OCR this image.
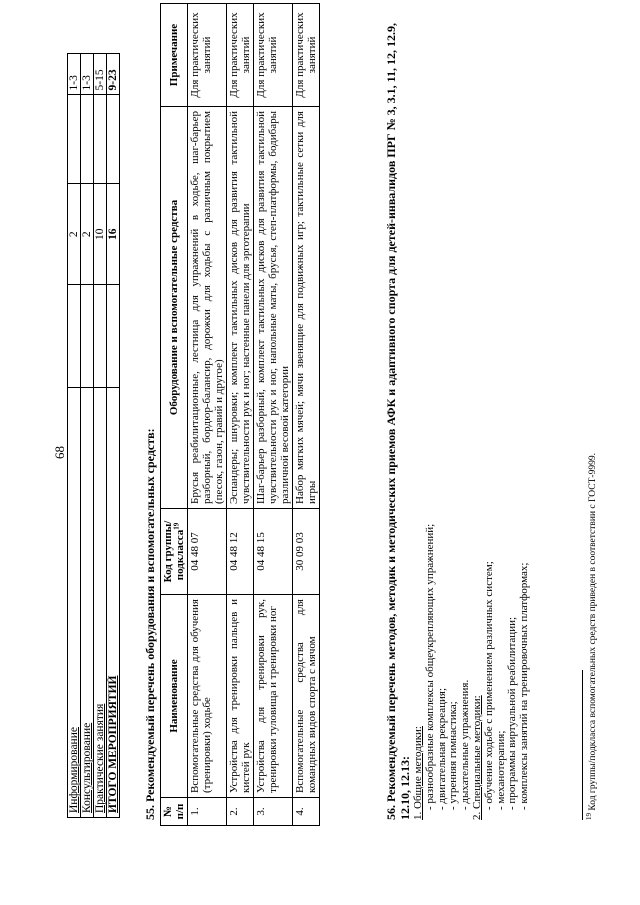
68
Информирование		2		1-3
Консультирование		2		1-3
Практические занятия		10		5-15
ИТОГО МЕРОПРИЯТИЙ		16		9-23
55. Рекомендуемый перечень оборудования и вспомогательных средств: № п/п	Наименование	Код группы/ подкласса$^{19}$	Оборудование и вспомогательные средства	Примечание
1.	Вспомогательные средства для обучения (тренировки) ходьбе	04 48 07	Брусья реабилитационные, лестница для упражнений в ходьбе, шаг-барьер разборный, бордюр-балансир, дорожки для ходьбы с различным покрытием (песок, газон, гравий и другое)	Для практических занятий
2.	Устройства для тренировки пальцев и кистей рук	04 48 12	Эспандеры; шнуровки; комплект тактильных дисков для развития тактильной чувствительности рук и ног; настенные панели для эрготерапии	Для практических занятий
3.	Устройства для тренировки рук, тренировки туловища и тренировки ног	04 48 15	Шаг-барьер разборный, комплект тактильных дисков для развития тактильной чувствительности рук и ног, напольные маты, брусья, степ-платформы, бодибары различной весовой категории	Для практических занятий
4.	Вспомогательные средства для командных видов спорта с мячом	30 09 03	Набор мягких мячей; мячи звенящие для подвижных игр; тактильные сетки для игры	Для практических занятий	56. Рекомендуемый перечень методов, методик и методических приемов АФК и адаптивного спорта для детей-инвалидов ПРГ № 3, 3.1, 11, 12, 12.9, 12.10, 12.13: 1. Общие методики: - разнообразные комплексы общеукрепляющих упражнений; - двигательная рекреация; - утренняя гимнастика; - дыхательные упражнения. 2. Специальные методики: - обучение ходьбе с применением различных систем; - механотерапия; - программы виртуальной реабилитации; - комплексы занятий на тренировочных платформах;
$^{19}$ Код группы/подкласса вспомогательных средств приведен в соответствии с ГОСТ-9999.
